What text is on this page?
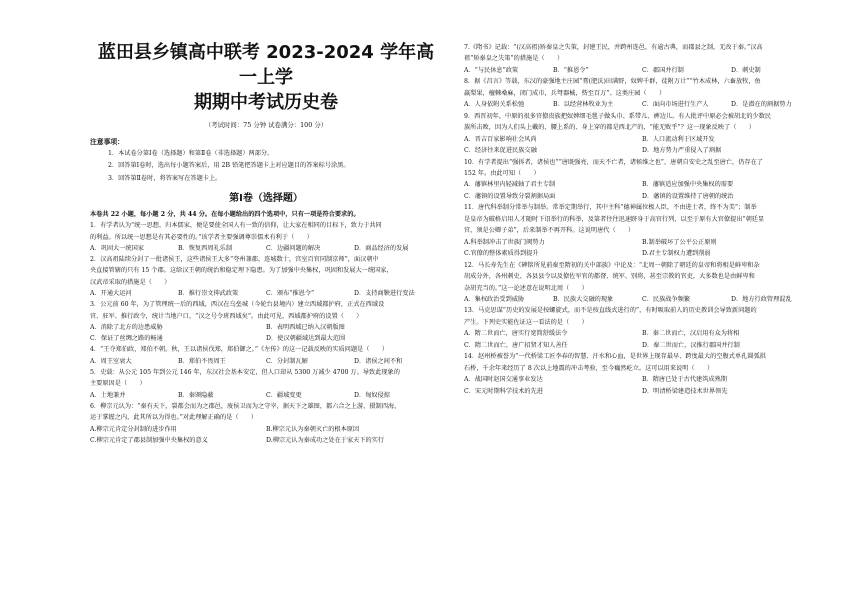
蓝田县乡镇高中联考 2023-2024 学年高一上学
期期中考试历史卷
（考试时间：75 分钟 试卷满分：100 分）
注意事项：
1．本试卷分第Ⅰ卷（选择题）和第Ⅱ卷（非选择题）两部分。
2．回答第Ⅰ卷时，选出每小题答案后，用 2B 铅笔把答题卡上对应题目的答案标号涂黑。
3．回答第Ⅱ卷时，将答案写在答题卡上。
第Ⅰ卷（选择题）
本卷共 22 小题，每小题 2 分，共 44 分。在每小题给出的四个选项中，只有一项是符合要求的。
1．有学者认为“统一思想，归本儒家，便是要使全国人有一致的信仰，让大家在相同的目标下，致力于共同
的利益。所以统一思想是有其必要性的。”该学者主要强调尊崇儒术有利于（　　）
A．巩固大一统国家	B．恢复西周礼乐制	C．边疆问题的解决	D．商品经济的发展
2．汉高祖陆续分封了一批诸侯王，这些诸侯王大多“夸州兼郡，连城数十，宫室百官同制京师”，面汉朝中
央直接管辖的只有 15 个郡。这给汉王朝的统治和稳定埋下隐患。为了加强中央集权，巩固和发展大一统国家，
汉武帝采取的措施是（　　）
A．开通大运河	B．推行崇文抑武政策	C．颁布“推恩令”	D．支持商鞅进行变法
3．公元前 60 年，为了管理统一后的西域，西汉在乌垒城（今轮台县境内）建立西域都护府，正式在西域设
官、驻军、推行政令，统计当地户口，“汉之号令班西域矣”。由此可见，西域都护府的设置（　　）
A．消除了北方的边患威胁	B．表明西域已纳入汉朝版图
C．保证了丝绸之路的畅通	D．使汉朝疆域达到最大范围
4．“王夺郑伯政，郑伯不朝。秋，王以诸侯伐郑，郑伯御之。”《左传》的这一记载反映的实质问题是（　　）
A．周王室衰大	B．郑伯不畏周王	C．分封制瓦解	D．诸侯之间不和
5．史载：从公元 105 年到公元 146 年，东汉社会基本安定，但人口却从 5300 万减少 4700 万。导致此现象的
主要原因是（　　）
A．土地兼并	B．秦颁隐蔽	C．疆域变更	D．匈奴侵掠
6．柳宗元认为：“秦有天下，裂都会而为之郡邑，废侯卫而为之守宰，据天下之雄图，都六合之上游，摄制四海，
运于掌握之内，此其所以为得也。”对此理解正确的是（　　）
A.柳宗元肯定分封制的进步作用	B.柳宗元认为秦朝灭亡的根本原因
C.柳宗元肯定了郡县制加强中央集权的意义	D.柳宗元认为秦成功之处在于家天下的实行
7.《隋书》记载：“(汉高祖)矫秦皇之失策，封建王民，并跨州连邑，有逾古典，而郡县之制，无改于秦。”汉高
祖“矫秦皇之失策”的措施是（　　）
A．“与民休息”政策	B．“推恩令”	C．郡国并行制	D．刺史制
8．据《昌言》等载，东汉的豪强地主庄园“膏(肥沃)田满野，奴婢千群，徒附万计”“竹木成林，六畜放牧，鱼
赢梨果，檀棘桑麻，闭门成市，兵弩器械，赀至百万”。这类庄园（　　）
A．人身依附关系松弛	B．以经营林牧业为主	C．面向市场进行生产人	D．是潜在的割据势力
9．西晋初年，中原的很多官僚贵族把奴婢细毛毯子做头巾、系带儿、裤边儿。有人批评中原必会被胡北的少数民
族所击败，因为人们头上戴的、腰上系的、身上穿的都是西北产的，“能无败乎”？这一现象反映了（　　）
A．晋吉百家影响社会风尚	B．人口流动利于区域开发
C．经济往来促进民族交融	D．地方势力严重侵入了割据
10．有学者提出“强拆者，诸侯也”“唐既强亮，而天不亡者，诸候维之也”，唐朝自安史之乱至唐亡，仍存在了
152 年。由此可知（　　）
A．藩镇林里内轻减轴了君主专制	B．藩镇适应加强中央集权的需要
C．藩镇的设置导致分裂割据局面	D．藩镇的设置维持了唐朝的统治
11．唐代科举制分常举与制举。常举定期举行，其中主科“德神属位极人臣，不由进士者，终不为美”；制举
是皇帝为破格启用人才随时下诏举行的科举，及第者往往迅速跻身于高官行列，以至于原有大官僚提出“朝廷显
官，须是公卿子弟”，后来制举不再开科。这说明唐代（　　）
A.科举制冲击了世族门阀势力	B.制举破坏了公平公正原则
C.官僚的整体素质得到提升	D.君主专制权力遭到削弱
12．马长寿先生在《碑铭所见前秦至隋初的关中部族》中论及：“北周一朝除了朝廷的皇帝和将相是鲜卑和杂
胡成分外，各州刺史、各县县令以及僚佐军官的都督、统军、别将，甚至宗教的官吏，大多数也是由鲜卑和
杂胡充当的。”这一论述意在说明北周（　　）
A．集权政治受到威胁	B．民族大交融的现象	C．民族战争频繁	D．地方行政管理混乱
13．马克思谋“历史的发展是按螺旋式，而不是按直线式进行的”，有时吸取前人的历史教训会导致新问题的
产生。下列史实能佐证这一看法的是（　　）
A．隋二世而亡，唐实行宽简舒缓法令	B．秦二世而亡，汉启用有众为将相
C．隋二世而亡，唐广招贤才知人善任	D．秦二世而亡，汉推行郡国并行制
14．赵州桥被誉为“一代桥梁工匠李春的智慧、汗水和心血，是世界上现存最早、跨度最大的空腹式单孔圆弧拱
石桥，千余年来经历了 8 次以上地震的冲击考验，至今巍然屹立。这可以用来说明（　　）
A．战国时赵国交通事业发达	B．隋唐已处于古代建筑成熟期
C．宋元时期科学技术的先进	D．明清桥梁建造技术世界领先
